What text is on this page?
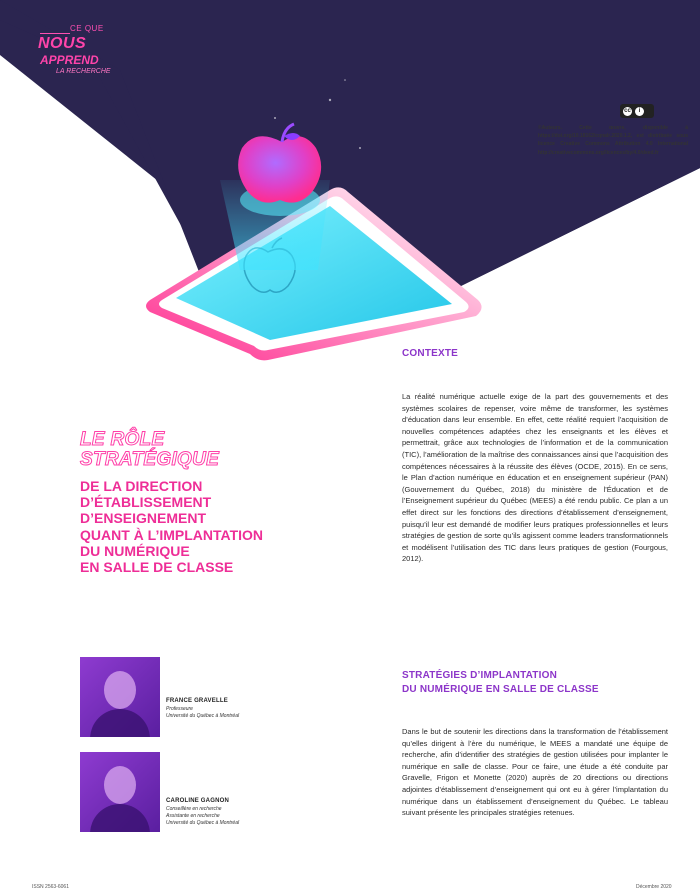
CE QUE
NOUS
APPREND
LA RECHERCHE
cc	i
©Auteurs. Cette œuvre, disponible à https://doi.org/10.18162/cqnalr.2020.1.2, est distribuée sous licence Creative Commons Attribution 4.0 International http://creativecommons.org/licences/by/4.0/deed.fr
LE RÔLE
STRATÉGIQUE
DE LA DIRECTION
D’ÉTABLISSEMENT
D’ENSEIGNEMENT
QUANT À L’IMPLANTATION
DU NUMÉRIQUE
EN SALLE DE CLASSE
FRANCE GRAVELLE
Professeure
Université du Québec à Montréal
CAROLINE GAGNON
Conseillère en recherche
Assistante en recherche
Université du Québec à Montréal
CONTEXTE
La réalité numérique actuelle exige de la part des gouvernements et des systèmes scolaires de repenser, voire même de transformer, les systèmes d’éducation dans leur ensemble. En effet, cette réalité requiert l’acquisition de nouvelles compétences adaptées chez les enseignants et les élèves et permettrait, grâce aux technologies de l’information et de la communication (TIC), l’amélioration de la maîtrise des connaissances ainsi que l’acquisition des compétences nécessaires à la réussite des élèves (OCDE, 2015). En ce sens, le Plan d’action numérique en éducation et en enseignement supérieur (PAN) (Gouvernement du Québec, 2018) du ministère de l’Éducation et de l’Enseignement supérieur du Québec (MEES) a été rendu public. Ce plan a un effet direct sur les fonctions des directions d’établissement d’enseignement, puisqu’il leur est demandé de modifier leurs pratiques professionnelles et leurs stratégies de gestion de sorte qu’ils agissent comme leaders transformationnels et modélisent l’utilisation des TIC dans leurs pratiques de gestion (Fourgous, 2012).
STRATÉGIES D’IMPLANTATION
DU NUMÉRIQUE EN SALLE DE CLASSE
Dans le but de soutenir les directions dans la transformation de l’établissement qu’elles dirigent à l’ère du numérique, le MEES a mandaté une équipe de recherche, afin d’identifier des stratégies de gestion utilisées pour implanter le numérique en salle de classe. Pour ce faire, une étude a été conduite par Gravelle, Frigon et Monette (2020) auprès de 20 directions ou directions adjointes d’établissement d’enseignement qui ont eu à gérer l’implantation du numérique dans un établissement d’enseignement du Québec. Le tableau suivant présente les principales stratégies retenues.
ISSN 2563-6061	Décembre 2020
